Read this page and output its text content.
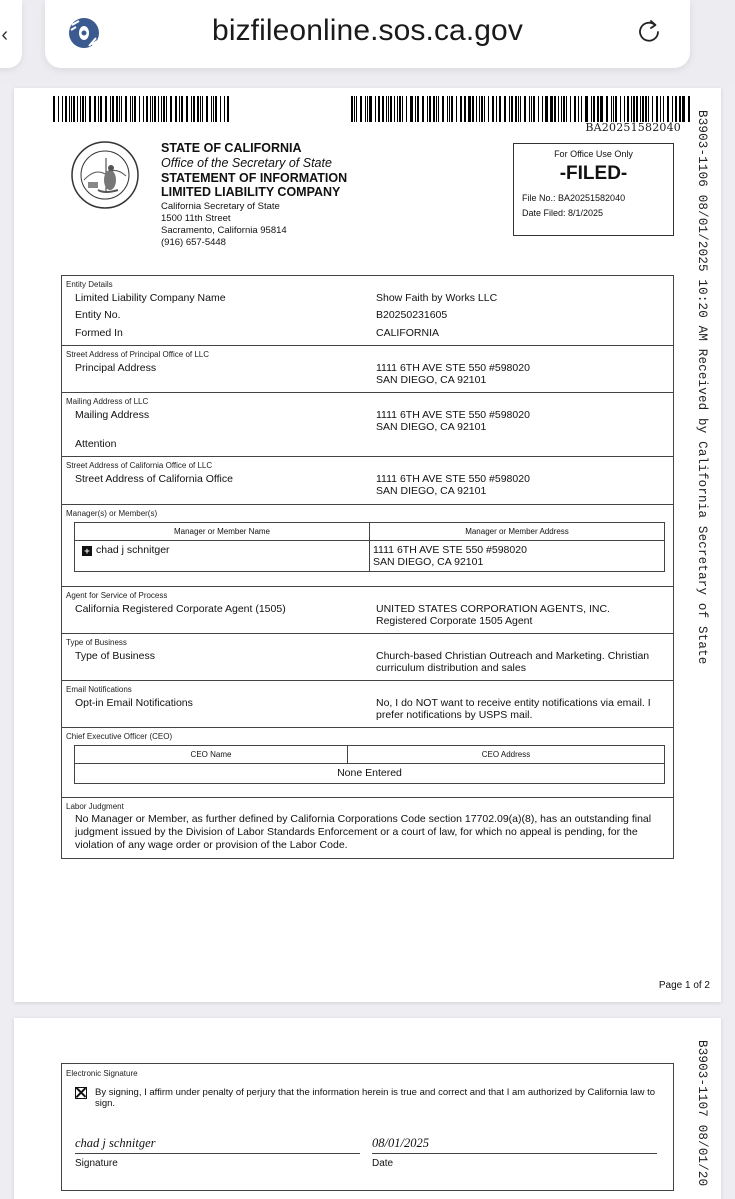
‹	bizfileonline.sos.ca.gov
BA20251582040 B3903-1106 08/01/2025 10:20 AM Received by California Secretary of State
STATE OF CALIFORNIA
Office of the Secretary of State
STATEMENT OF INFORMATION
LIMITED LIABILITY COMPANY
California Secretary of State
1500 11th Street
Sacramento, California 95814
(916) 657-5448
For Office Use Only
-FILED-
File No.: BA20251582040
Date Filed: 8/1/2025
Entity Details
Limited Liability Company Name	Show Faith by Works LLC
Entity No.	B20250231605
Formed In	CALIFORNIA
Street Address of Principal Office of LLC
Principal Address	1111 6TH AVE STE 550 #598020
SAN DIEGO, CA 92101
Mailing Address of LLC
Mailing Address	1111 6TH AVE STE 550 #598020
SAN DIEGO, CA 92101
Attention
Street Address of California Office of LLC
Street Address of California Office	1111 6TH AVE STE 550 #598020
SAN DIEGO, CA 92101
Manager(s) or Member(s)
Manager or Member Name	Manager or Member Address
+ chad j schnitger	1111 6TH AVE STE 550 #598020
SAN DIEGO, CA 92101
Agent for Service of Process
California Registered Corporate Agent (1505)	UNITED STATES CORPORATION AGENTS, INC.
Registered Corporate 1505 Agent
Type of Business
Type of Business	Church-based Christian Outreach and Marketing. Christian curriculum distribution and sales
Email Notifications
Opt-in Email Notifications	No, I do NOT want to receive entity notifications via email. I prefer notifications by USPS mail.
Chief Executive Officer (CEO)
CEO Name	CEO Address
None Entered
Labor Judgment
No Manager or Member, as further defined by California Corporations Code section 17702.09(a)(8), has an outstanding final judgment issued by the Division of Labor Standards Enforcement or a court of law, for which no appeal is pending, for the violation of any wage order or provision of the Labor Code.
Page 1 of 2
B3903-1107 08/01/20
Electronic Signature
By signing, I affirm under penalty of perjury that the information herein is true and correct and that I am authorized by California law to sign.
chad j schnitger	08/01/2025
Signature	Date
